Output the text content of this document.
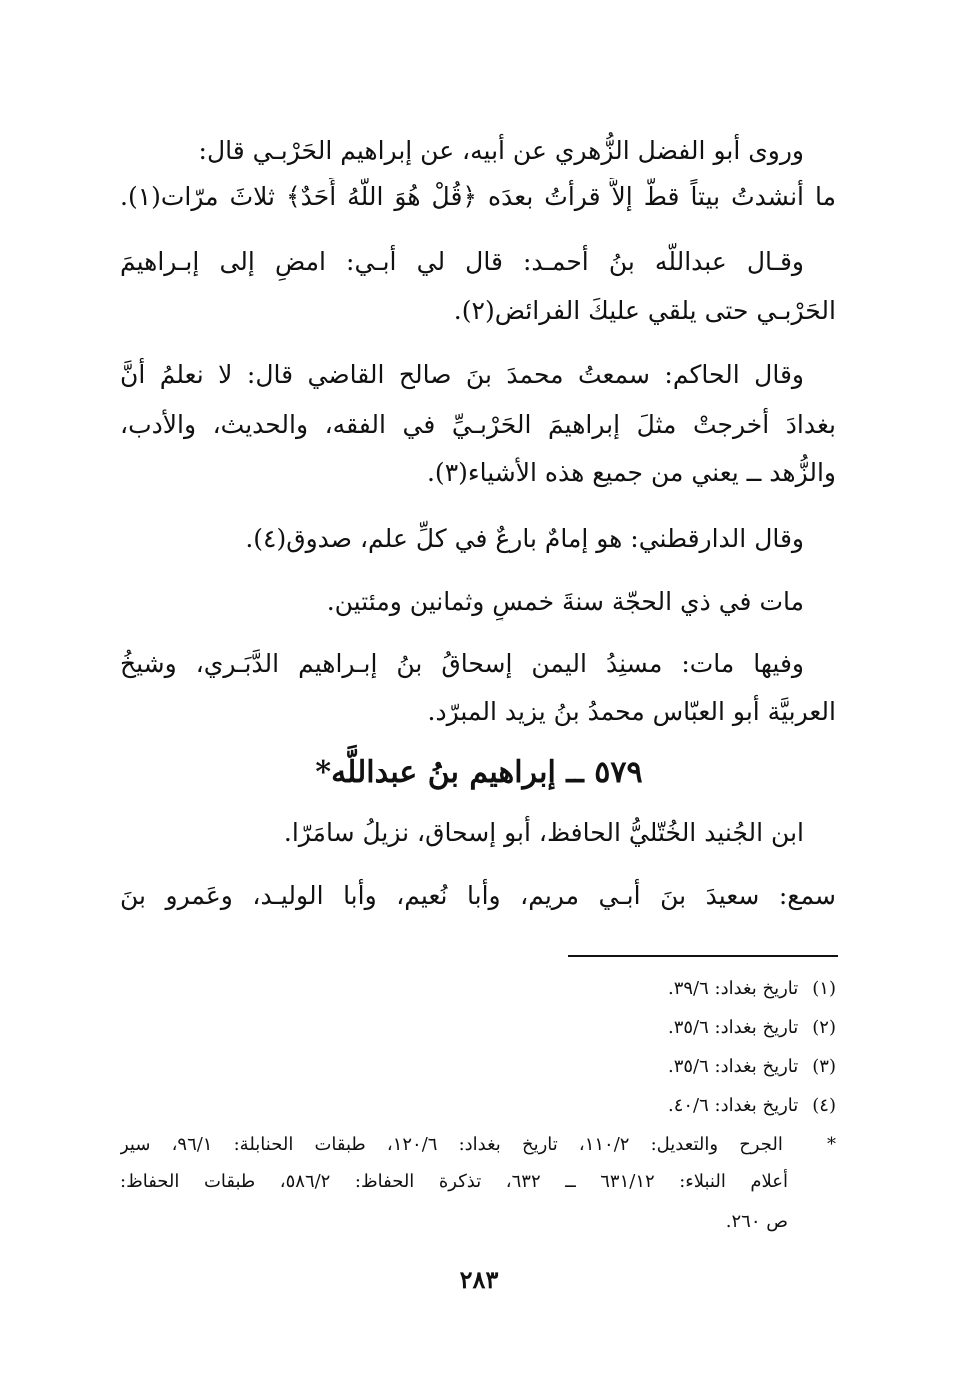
وروى أبو الفضل الزُّهري عن أبيه، عن إبراهيم الحَرْبـي قال:
ما أنشدتُ بيتاً قطُّ إلاَّ قرأتُ بعدَه ﴿قُلْ هُوَ اللَّهُ أَحَدٌ﴾ ثلاثَ مرّات(١).
وقـال عبداللَّه بنُ أحمـد: قال لي أبـي: امضِ إلى إبـراهيمَ
الحَرْبـي حتى يلقي عليكَ الفرائض(٢).
وقال الحاكم: سمعتُ محمدَ بنَ صالح القاضي قال: لا نعلمُ أنَّ
بغدادَ أخرجتْ مثلَ إبراهيمَ الحَرْبـيِّ في الفقه، والحديث، والأدب،
والزُّهد ــ يعني من جميع هذه الأشياء(٣).
وقال الدارقطني: هو إمامٌ بارعٌ في كلِّ علم، صدوق(٤).
مات في ذي الحجّة سنةَ خمسٍ وثمانين ومئتين.
وفيها مات: مسنِدُ اليمن إسحاقُ بنُ إبـراهيم الدَّبَـري، وشيخُ
العربيَّة أبو العبّاس محمدُ بنُ يزيد المبرّد.
٥٧٩ ــ إبراهيم بنُ عبداللَّه*
ابن الجُنيد الخُتّليُّ الحافظ، أبو إسحاق، نزيلُ سامَرّا.
سمع: سعيدَ بنَ أبـي مريم، وأبا نُعيم، وأبا الوليـد، وعَمرو بنَ
(١) تاريخ بغداد: ٣٩/٦.
(٢) تاريخ بغداد: ٣٥/٦.
(٣) تاريخ بغداد: ٣٥/٦.
(٤) تاريخ بغداد: ٤٠/٦.
* الجرح والتعديل: ١١٠/٢، تاريخ بغداد: ١٢٠/٦، طبقات الحنابلة: ٩٦/١، سير
أعلام النبلاء: ٦٣١/١٢ ــ ٦٣٢، تذكرة الحفاظ: ٥٨٦/٢، طبقات الحفاظ:
ص ٢٦٠.
٢٨٣
